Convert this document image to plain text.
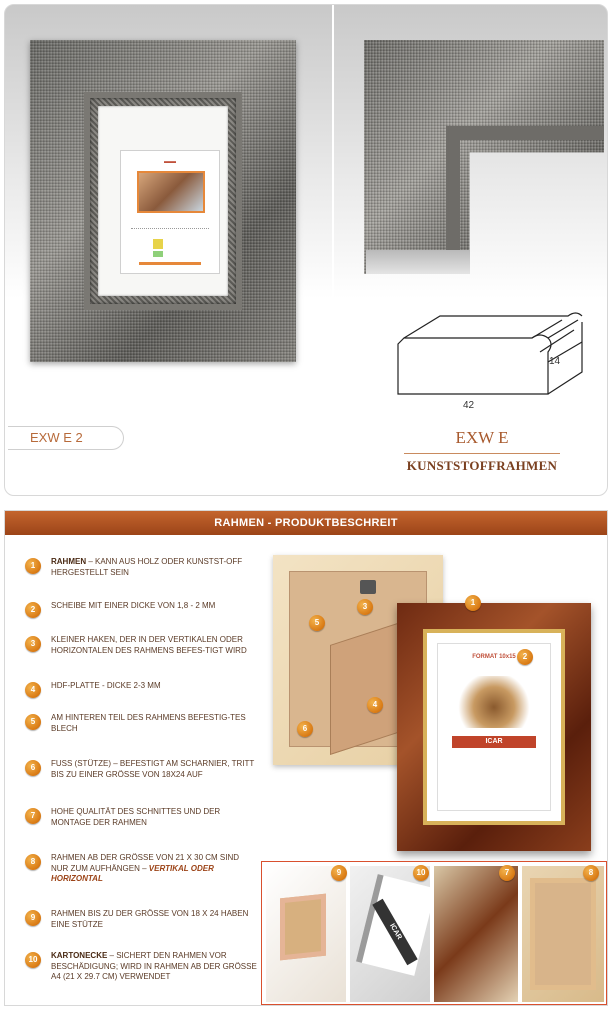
▬▬
14
42
EXW E 2	EXW E
KUNSTSTOFFRAHMEN
RAHMEN - PRODUKTBESCHREIT
1	RAHMEN – KANN AUS HOLZ ODER KUNSTST-OFF HERGESTELLT SEIN
2	SCHEIBE MIT EINER DICKE VON 1,8 - 2 MM
3	KLEINER HAKEN, DER IN DER VERTIKALEN ODER HORIZONTALEN DES RAHMENS BEFES-TIGT WIRD
4	HDF-PLATTE - DICKE 2-3 MM
5	AM HINTEREN TEIL DES RAHMENS BEFESTIG-TES BLECH
6	FUSS (STÜTZE) – BEFESTIGT AM SCHARNIER, TRITT BIS ZU EINER GRÖSSE VON 18X24 AUF
7	HOHE QUALITÄT DES SCHNITTES UND DER MONTAGE DER RAHMEN
8	RAHMEN AB DER GRÖSSE VON 21 X 30 CM SIND NUR ZUM AUFHÄNGEN – VERTIKAL ODER HORIZONTAL
9	RAHMEN BIS ZU DER GRÖSSE VON 18 X 24 HABEN EINE STÜTZE
10	KARTONECKE – SICHERT DEN RAHMEN VOR BESCHÄDIGUNG; WIRD IN RAHMEN AB DER GRÖSSE A4 (21 X 29.7 CM) VERWENDET
FORMAT 10x15
ICAR
1
2
3
4
5
6
ICAR
9	10	7	8
